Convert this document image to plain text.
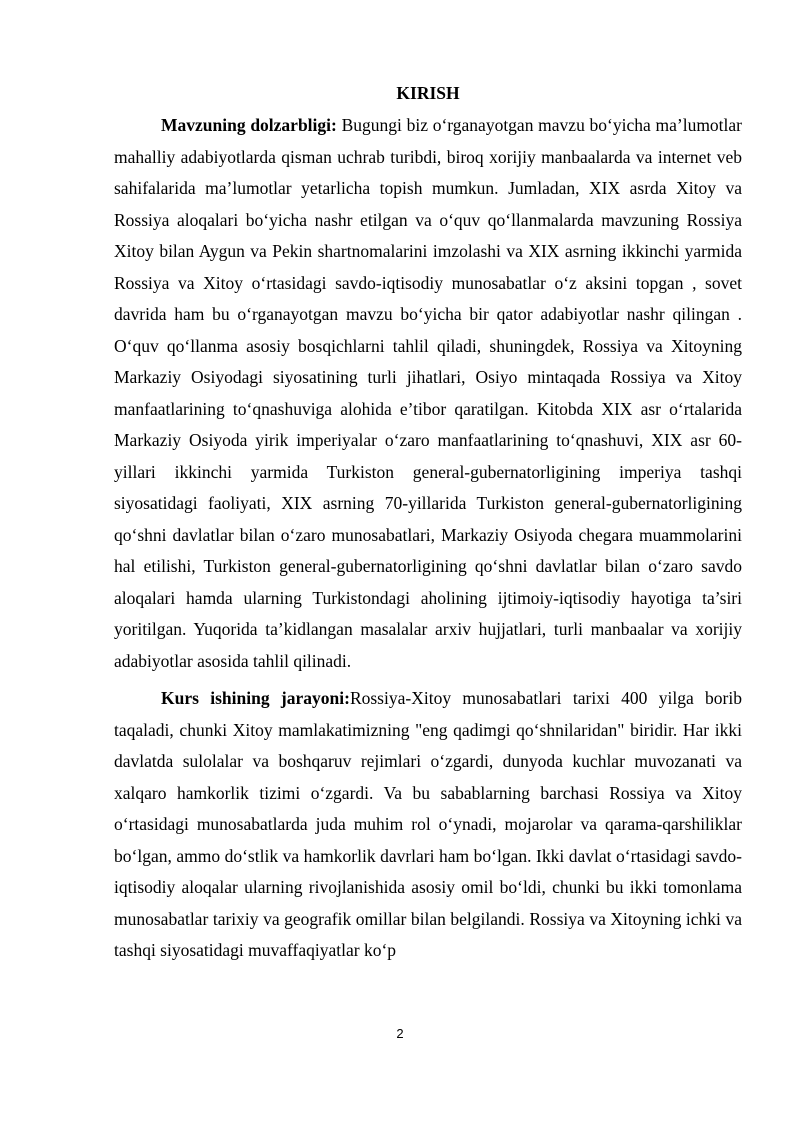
KIRISH

Mavzuning dolzarbligi: Bugungi biz o‘rganayotgan mavzu bo‘yicha ma’lumotlar mahalliy adabiyotlarda qisman uchrab turibdi, biroq xorijiy manbaalarda va internet veb sahifalarida ma’lumotlar yetarlicha topish mumkun. Jumladan, XIX asrda Xitoy va Rossiya aloqalari bo‘yicha nashr etilgan va o‘quv qo‘llanmalarda mavzuning Rossiya Xitoy bilan Aygun va Pekin shartnomalarini imzolashi va XIX asrning ikkinchi yarmida Rossiya va Xitoy o‘rtasidagi savdo-iqtisodiy munosabatlar o‘z aksini topgan , sovet davrida ham bu o‘rganayotgan mavzu bo‘yicha bir qator adabiyotlar nashr qilingan . O‘quv qo‘llanma asosiy bosqichlarni tahlil qiladi, shuningdek, Rossiya va Xitoyning Markaziy Osiyodagi siyosatining turli jihatlari, Osiyo mintaqada Rossiya va Xitoy manfaatlarining to‘qnashuviga alohida e’tibor qaratilgan. Kitobda XIX asr o‘rtalarida Markaziy Osiyoda yirik imperiyalar o‘zaro manfaatlarining to‘qnashuvi, XIX asr 60-yillari ikkinchi yarmida Turkiston general-gubernatorligining imperiya tashqi siyosatidagi faoliyati, XIX asrning 70-yillarida Turkiston general-gubernatorligining qo‘shni davlatlar bilan o‘zaro munosabatlari, Markaziy Osiyoda chegara muammolarini hal etilishi, Turkiston general-gubernatorligining qo‘shni davlatlar bilan o‘zaro savdo aloqalari hamda ularning Turkistondagi aholining ijtimoiy-iqtisodiy hayotiga ta’siri yoritilgan. Yuqorida ta’kidlangan masalalar arxiv hujjatlari, turli manbaalar va xorijiy adabiyotlar asosida tahlil qilinadi.

Kurs ishining jarayoni:Rossiya-Xitoy munosabatlari tarixi 400 yilga borib taqaladi, chunki Xitoy mamlakatimizning "eng qadimgi qo‘shnilaridan" biridir. Har ikki davlatda sulolalar va boshqaruv rejimlari o‘zgardi, dunyoda kuchlar muvozanati va xalqaro hamkorlik tizimi o‘zgardi. Va bu sabablarning barchasi Rossiya va Xitoy o‘rtasidagi munosabatlarda juda muhim rol o‘ynadi, mojarolar va qarama-qarshiliklar bo‘lgan, ammo do‘stlik va hamkorlik davrlari ham bo‘lgan. Ikki davlat o‘rtasidagi savdo-iqtisodiy aloqalar ularning rivojlanishida asosiy omil bo‘ldi, chunki bu ikki tomonlama munosabatlar tarixiy va geografik omillar bilan belgilandi. Rossiya va Xitoyning ichki va tashqi siyosatidagi muvaffaqiyatlar ko‘p

2
